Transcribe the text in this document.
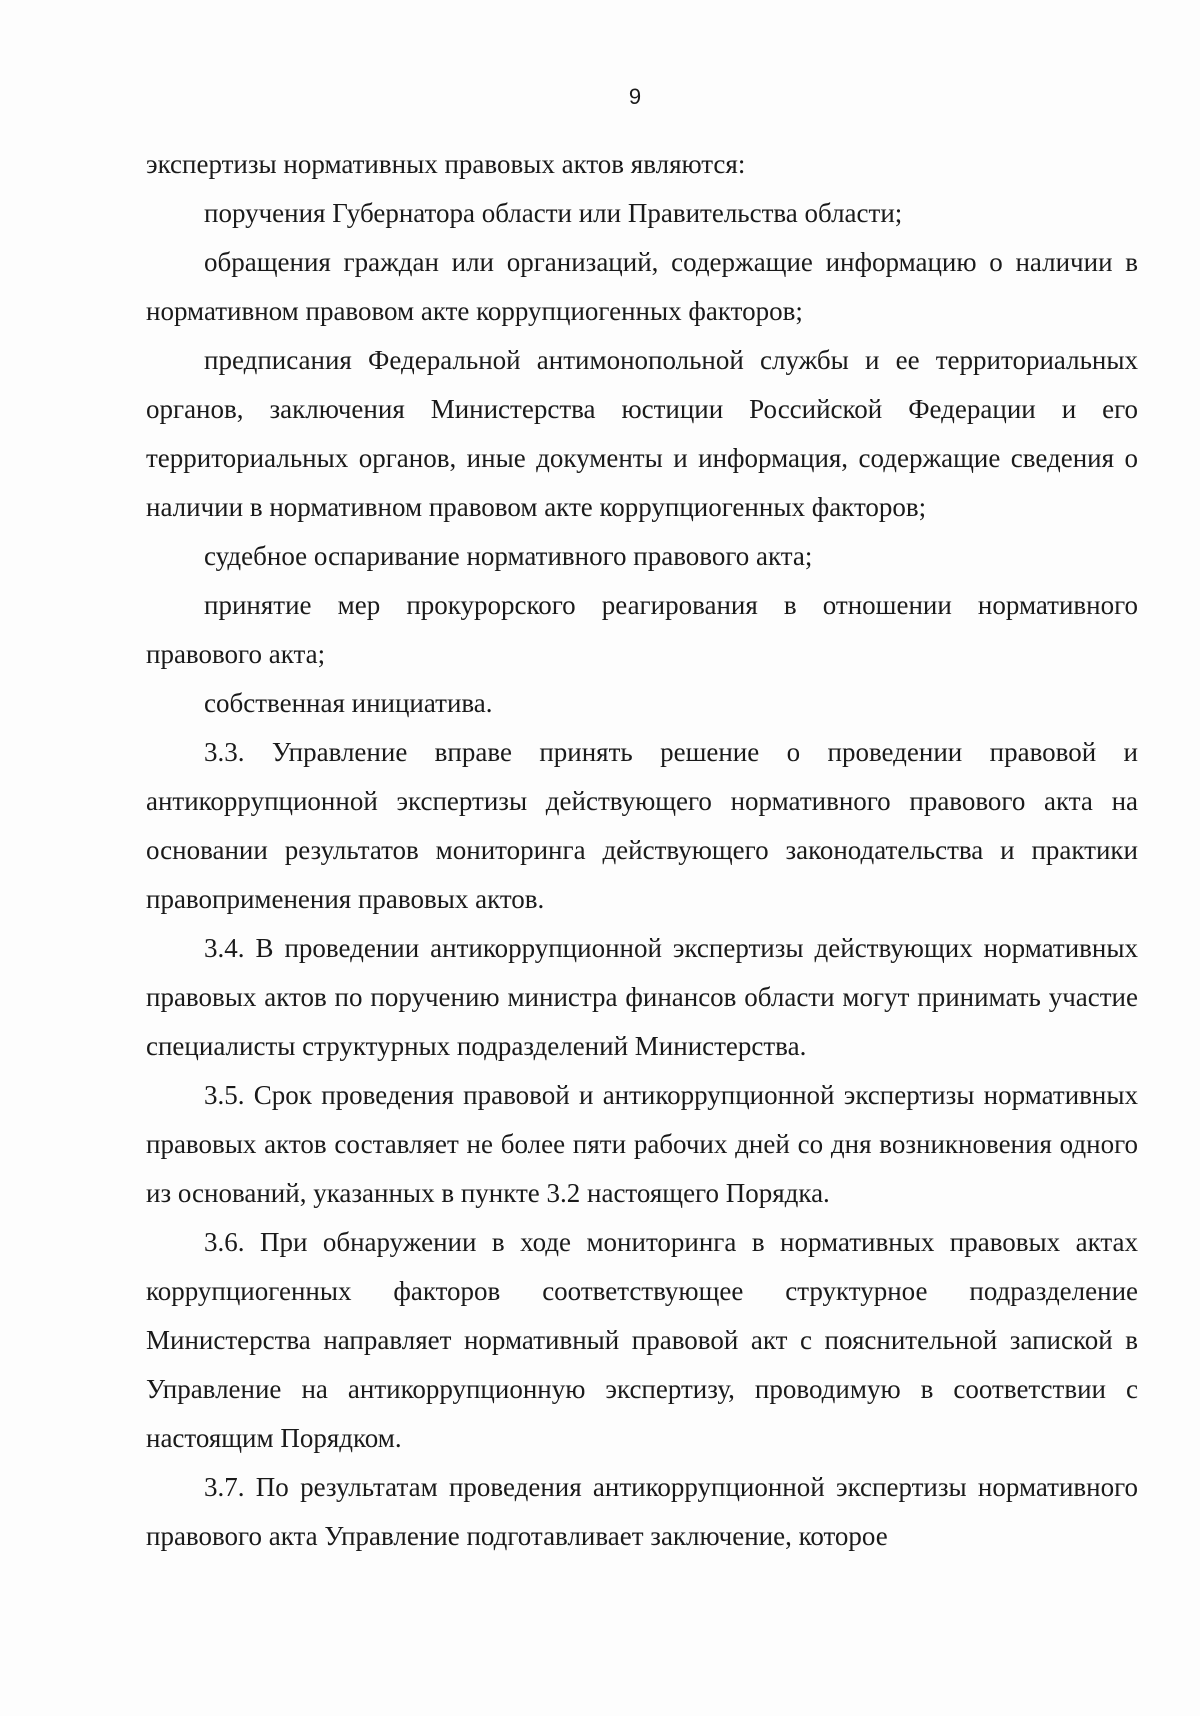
9

экспертизы нормативных правовых актов являются:

поручения Губернатора области или Правительства области;

обращения граждан или организаций, содержащие информацию о наличии в нормативном правовом акте коррупциогенных факторов;

предписания Федеральной антимонопольной службы и ее территориальных органов, заключения Министерства юстиции Российской Федерации и его территориальных органов, иные документы и информация, содержащие сведения о наличии в нормативном правовом акте коррупциогенных факторов;

судебное оспаривание нормативного правового акта;

принятие мер прокурорского реагирования в отношении нормативного правового акта;

собственная инициатива.

3.3. Управление вправе принять решение о проведении правовой и антикоррупционной экспертизы действующего нормативного правового акта на основании результатов мониторинга действующего законодательства и практики правоприменения правовых актов.

3.4. В проведении антикоррупционной экспертизы действующих нормативных правовых актов по поручению министра финансов области могут принимать участие специалисты структурных подразделений Министерства.

3.5. Срок проведения правовой и антикоррупционной экспертизы нормативных правовых актов составляет не более пяти рабочих дней со дня возникновения одного из оснований, указанных в пункте 3.2 настоящего Порядка.

3.6. При обнаружении в ходе мониторинга в нормативных правовых актах коррупциогенных факторов соответствующее структурное подразделение Министерства направляет нормативный правовой акт с пояснительной запиской в Управление на антикоррупционную экспертизу, проводимую в соответствии с настоящим Порядком.

3.7. По результатам проведения антикоррупционной экспертизы нормативного правового акта Управление подготавливает заключение, которое
